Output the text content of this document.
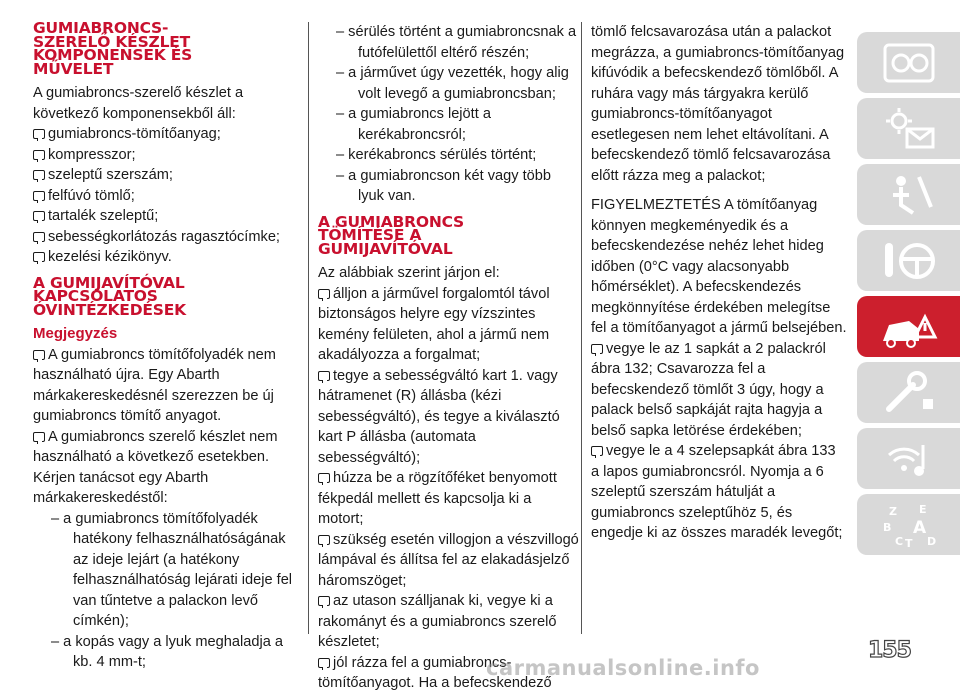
GUMIABRONCS-
SZERELŐ KÉSZLET
KOMPONENSEK ÉS
MŰVELET

A gumiabroncs-szerelő készlet a következő komponensekből áll:

gumiabroncs-tömítőanyag;

kompresszor;

szeleptű szerszám;

felfúvó tömlő;

tartalék szeleptű;

sebességkorlátozás ragasztócímke;

kezelési kézikönyv.

A GUMIJAVÍTÓVAL
KAPCSOLATOS
ÓVINTÉZKEDÉSEK

Megjegyzés

A gumiabroncs tömítőfolyadék nem használható újra. Egy Abarth márkakereskedésnél szerezzen be új gumiabroncs tömítő anyagot.

A gumiabroncs szerelő készlet nem használható a következő esetekben. Kérjen tanácsot egy Abarth márkakereskedéstől:

– a gumiabroncs tömítőfolyadék hatékony felhasználhatóságának az ideje lejárt (a hatékony felhasználhatóság lejárati ideje fel van tűntetve a palackon levő címkén);

– a kopás vagy a lyuk meghaladja a kb. 4 mm-t;

– sérülés történt a gumiabroncsnak a futófelülettől eltérő részén;

– a járművet úgy vezették, hogy alig volt levegő a gumiabroncsban;

– a gumiabroncs lejött a kerékabroncsról;

– kerékabroncs sérülés történt;

– a gumiabroncson két vagy több lyuk van.

A GUMIABRONCS
TÖMÍTÉSE A
GUMIJAVÍTÓVAL

Az alábbiak szerint járjon el:

álljon a járművel forgalomtól távol biztonságos helyre egy vízszintes kemény felületen, ahol a jármű nem akadályozza a forgalmat;

tegye a sebességváltó kart 1. vagy hátramenet (R) állásba (kézi sebességváltó), és tegye a kiválasztó kart P állásba (automata sebességváltó);

húzza be a rögzítőféket benyomott fékpedál mellett és kapcsolja ki a motort;

szükség esetén villogjon a vészvillogó lámpával és állítsa fel az elakadásjelző háromszöget;

az utason szálljanak ki, vegye ki a rakományt és a gumiabroncs szerelő készletet;

jól rázza fel a gumiabroncs-tömítőanyagot. Ha a befecskendező

tömlő felcsavarozása után a palackot megrázza, a gumiabroncs-tömítőanyag kifúvódik a befecskendező tömlőből. A ruhára vagy más tárgyakra kerülő gumiabroncs-tömítőanyagot esetlegesen nem lehet eltávolítani. A befecskendező tömlő felcsavarozása előtt rázza meg a palackot;

FIGYELMEZTETÉS A tömítőanyag könnyen megkeményedik és a befecskendezése nehéz lehet hideg időben (0°C vagy alacsonyabb hőmérséklet). A befecskendezés megkönnyítése érdekében melegítse fel a tömítőanyagot a jármű belsejében.

vegye le az 1 sapkát a 2 palackról ábra 132; Csavarozza fel a befecskendező tömlőt 3 úgy, hogy a palack belső sapkáját rajta hagyja a belső sapka letörése érdekében;

vegye le a 4 szelepsapkát ábra 133 a lapos gumiabroncsról. Nyomja a 6 szeleptű szerszám hátulját a gumiabroncs szeleptűhöz 5, és engedje ki az összes maradék levegőt;

Z E
B A
C T D
155
carmanualsonline.info
